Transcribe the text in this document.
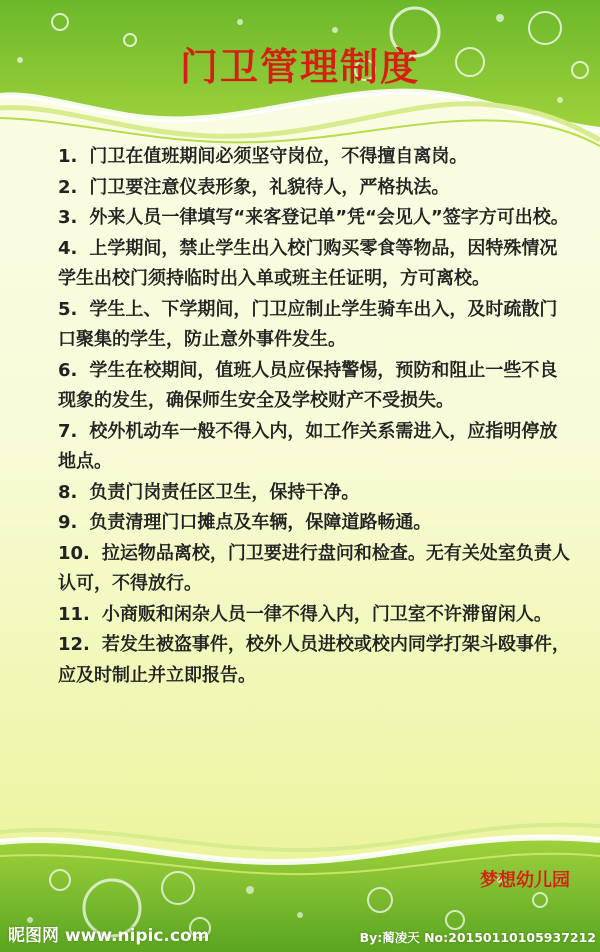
门卫管理制度

1. 门卫在值班期间必须坚守岗位，不得擅自离岗。

2. 门卫要注意仪表形象，礼貌待人，严格执法。

3. 外来人员一律填写“来客登记单”凭“会见人”签字方可出校。

4. 上学期间，禁止学生出入校门购买零食等物品，因特殊情况学生出校门须持临时出入单或班主任证明，方可离校。

5. 学生上、下学期间，门卫应制止学生骑车出入，及时疏散门口聚集的学生，防止意外事件发生。

6. 学生在校期间，值班人员应保持警惕，预防和阻止一些不良现象的发生，确保师生安全及学校财产不受损失。

7. 校外机动车一般不得入内，如工作关系需进入，应指明停放地点。

8. 负责门岗责任区卫生，保持干净。

9. 负责清理门口摊点及车辆，保障道路畅通。

10. 拉运物品离校，门卫要进行盘问和检查。无有关处室负责人认可，不得放行。

11. 小商贩和闲杂人员一律不得入内，门卫室不许滞留闲人。

12. 若发生被盗事件，校外人员进校或校内同学打架斗殴事件，应及时制止并立即报告。

梦想幼儿园
昵图网 www.nipic.com	By:蔺凌天 No:20150110105937212
